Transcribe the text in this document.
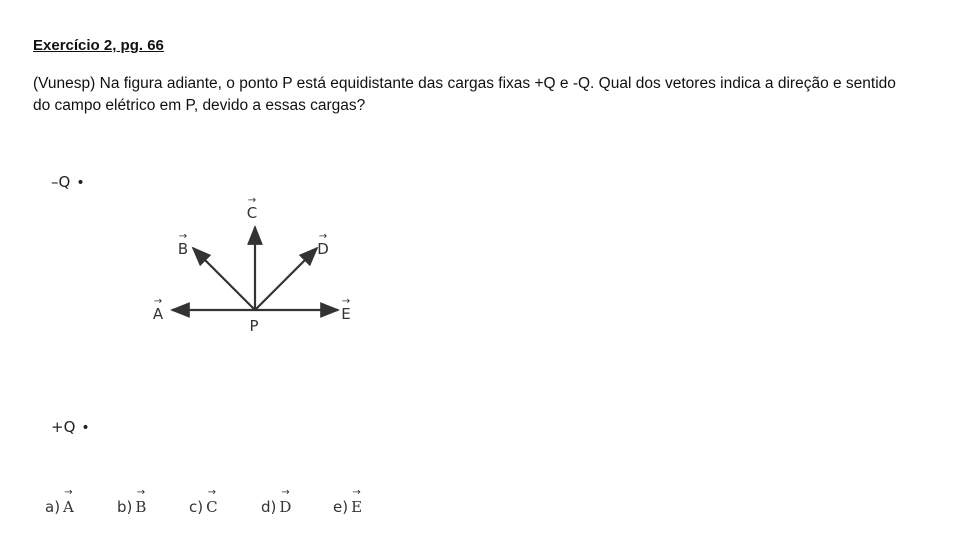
Exercício 2, pg. 66
(Vunesp) Na figura adiante, o ponto P está equidistante das cargas fixas +Q e -Q. Qual dos vetores indica a direção e sentido do campo elétrico em P, devido a essas cargas?
–Q •
+Q •
C
→
B
→
D
→
A
→
E
→
P
a) → A	b) → B	c) → C	d) → D	e) → E
